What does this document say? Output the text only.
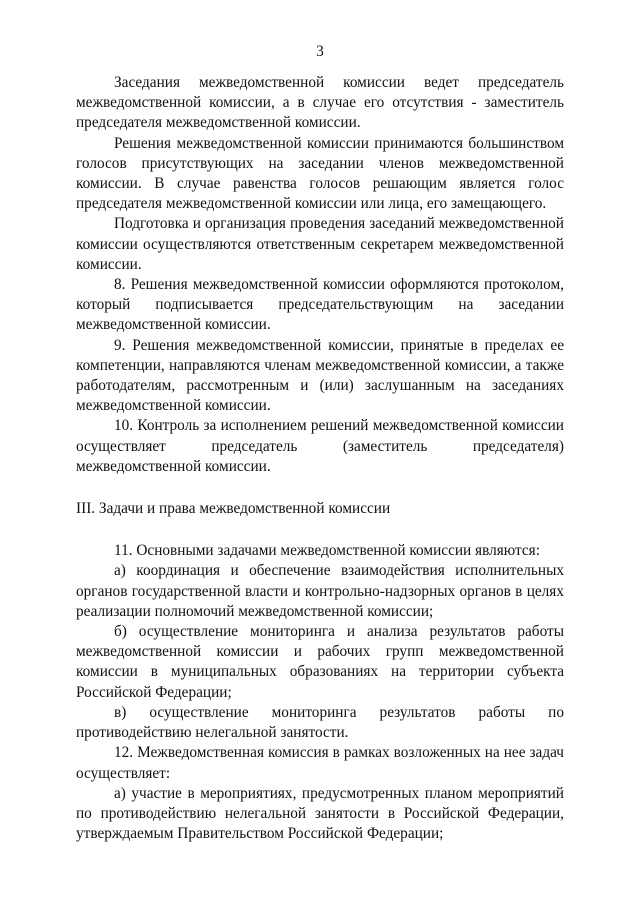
3

Заседания межведомственной комиссии ведет председатель межведомственной комиссии, а в случае его отсутствия - заместитель председателя межведомственной комиссии.

Решения межведомственной комиссии принимаются большинством голосов присутствующих на заседании членов межведомственной комиссии. В случае равенства голосов решающим является голос председателя межведомственной комиссии или лица, его замещающего.

Подготовка и организация проведения заседаний межведомственной комиссии осуществляются ответственным секретарем межведомственной комиссии.

8. Решения межведомственной комиссии оформляются протоколом, который подписывается председательствующим на заседании межведомственной комиссии.

9. Решения межведомственной комиссии, принятые в пределах ее компетенции, направляются членам межведомственной комиссии, а также работодателям, рассмотренным и (или) заслушанным на заседаниях межведомственной комиссии.

10. Контроль за исполнением решений межведомственной комиссии осуществляет председатель (заместитель председателя) межведомственной комиссии.

III. Задачи и права межведомственной комиссии

11. Основными задачами межведомственной комиссии являются:

а) координация и обеспечение взаимодействия исполнительных органов государственной власти и контрольно-надзорных органов в целях реализации полномочий межведомственной комиссии;

б) осуществление мониторинга и анализа результатов работы межведомственной комиссии и рабочих групп межведомственной комиссии в муниципальных образованиях на территории субъекта Российской Федерации;

в) осуществление мониторинга результатов работы по противодействию нелегальной занятости.

12. Межведомственная комиссия в рамках возложенных на нее задач осуществляет:

а) участие в мероприятиях, предусмотренных планом мероприятий по противодействию нелегальной занятости в Российской Федерации, утверждаемым Правительством Российской Федерации;
